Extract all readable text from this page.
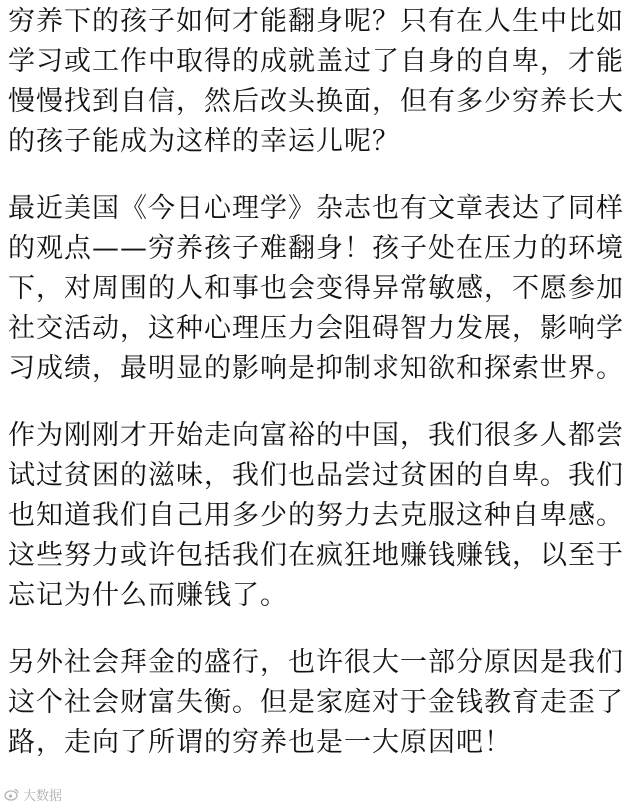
穷养下的孩子如何才能翻身呢？只有在人生中比如
学习或工作中取得的成就盖过了自身的自卑，才能
慢慢找到自信，然后改头换面，但有多少穷养长大
的孩子能成为这样的幸运儿呢？

最近美国《今日心理学》杂志也有文章表达了同样
的观点——穷养孩子难翻身！孩子处在压力的环境
下，对周围的人和事也会变得异常敏感，不愿参加
社交活动，这种心理压力会阻碍智力发展，影响学
习成绩，最明显的影响是抑制求知欲和探索世界。

作为刚刚才开始走向富裕的中国，我们很多人都尝
试过贫困的滋味，我们也品尝过贫困的自卑。我们
也知道我们自己用多少的努力去克服这种自卑感。
这些努力或许包括我们在疯狂地赚钱赚钱，以至于
忘记为什么而赚钱了。

另外社会拜金的盛行，也许很大一部分原因是我们
这个社会财富失衡。但是家庭对于金钱教育走歪了
路，走向了所谓的穷养也是一大原因吧！

大数据
